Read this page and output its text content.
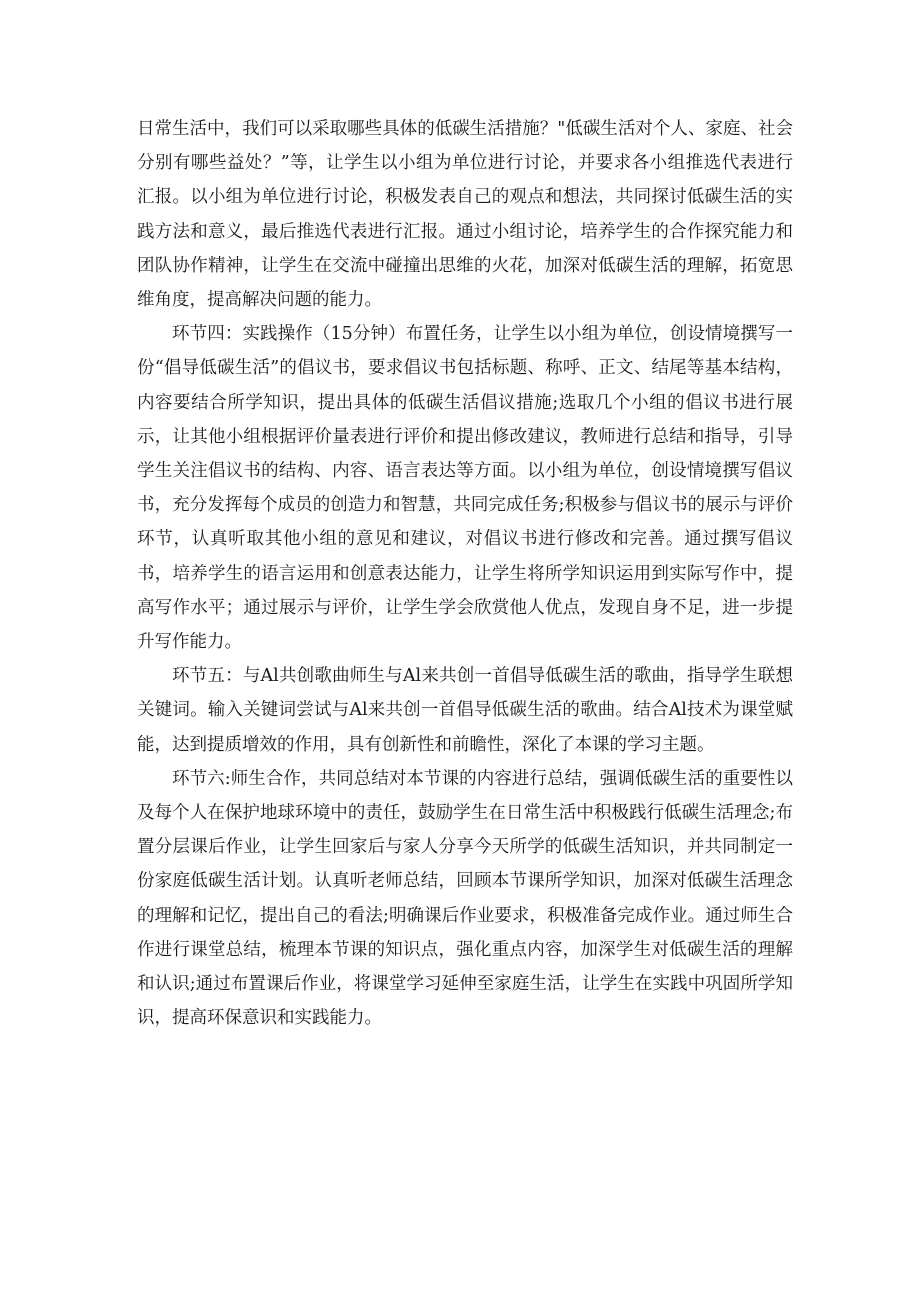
日常生活中，我们可以采取哪些具体的低碳生活措施？"低碳生活对个人、家庭、社会分别有哪些益处？”等，让学生以小组为单位进行讨论，并要求各小组推选代表进行汇报。以小组为单位进行讨论，积极发表自己的观点和想法，共同探讨低碳生活的实践方法和意义，最后推选代表进行汇报。通过小组讨论，培养学生的合作探究能力和团队协作精神，让学生在交流中碰撞出思维的火花，加深对低碳生活的理解，拓宽思维角度，提高解决问题的能力。

环节四：实践操作（15分钟）布置任务，让学生以小组为单位，创设情境撰写一份“倡导低碳生活”的倡议书，要求倡议书包括标题、称呼、正文、结尾等基本结构，内容要结合所学知识，提出具体的低碳生活倡议措施;选取几个小组的倡议书进行展示，让其他小组根据评价量表进行评价和提出修改建议，教师进行总结和指导，引导学生关注倡议书的结构、内容、语言表达等方面。以小组为单位，创设情境撰写倡议书，充分发挥每个成员的创造力和智慧，共同完成任务;积极参与倡议书的展示与评价环节，认真听取其他小组的意见和建议，对倡议书进行修改和完善。通过撰写倡议书，培养学生的语言运用和创意表达能力，让学生将所学知识运用到实际写作中，提高写作水平；通过展示与评价，让学生学会欣赏他人优点，发现自身不足，进一步提升写作能力。

环节五：与Al共创歌曲师生与Al来共创一首倡导低碳生活的歌曲，指导学生联想关键词。输入关键词尝试与Al来共创一首倡导低碳生活的歌曲。结合Al技术为课堂赋能，达到提质增效的作用，具有创新性和前瞻性，深化了本课的学习主题。

环节六:师生合作，共同总结对本节课的内容进行总结，强调低碳生活的重要性以及每个人在保护地球环境中的责任，鼓励学生在日常生活中积极践行低碳生活理念;布置分层课后作业，让学生回家后与家人分享今天所学的低碳生活知识，并共同制定一份家庭低碳生活计划。认真听老师总结，回顾本节课所学知识，加深对低碳生活理念的理解和记忆，提出自己的看法;明确课后作业要求，积极准备完成作业。通过师生合作进行课堂总结，梳理本节课的知识点，强化重点内容，加深学生对低碳生活的理解和认识;通过布置课后作业，将课堂学习延伸至家庭生活，让学生在实践中巩固所学知识，提高环保意识和实践能力。
